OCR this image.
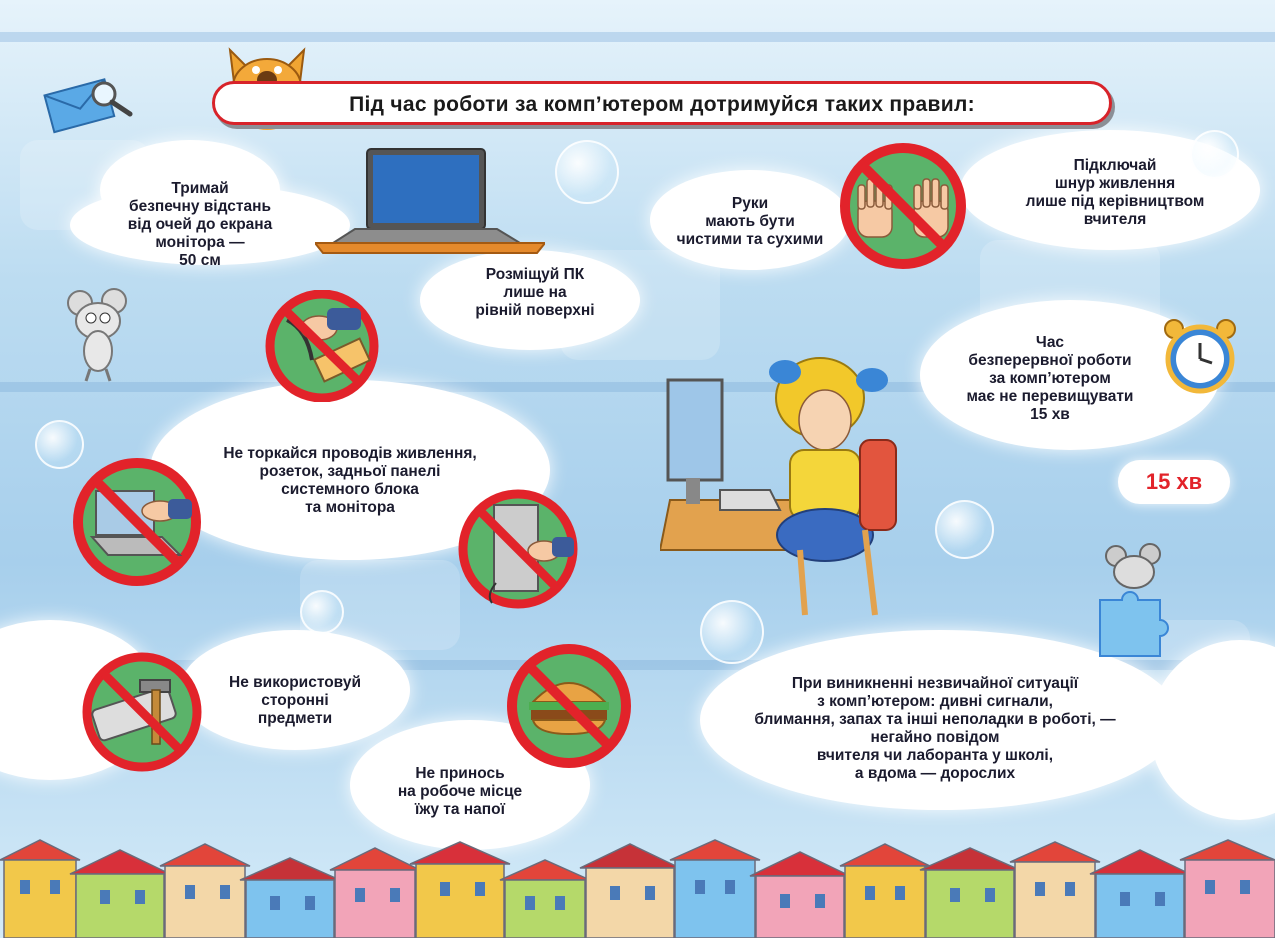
Під час роботи за комп’ютером дотримуйся таких правил:
Тримай
безпечну відстань
від очей до екрана
монітора —
50 см
Розміщуй ПК
лише на
рівній поверхні
Руки
мають бути
чистими та сухими
Підключай
шнур живлення
лише під керівництвом
вчителя
Час
безперервної роботи
за комп’ютером
має не перевищувати
15 хв
Не торкайся проводів живлення,
розеток, задньої панелі
системного блока
та монітора
Не використовуй
сторонні
предмети
Не принось
на робоче місце
їжу та напої
При виникненні незвичайної ситуації
з комп’ютером: дивні сигнали,
блимання, запах та інші неполадки в роботі, —
негайно повідом
вчителя чи лаборанта у школі,
а вдома — дорослих
15 хв
